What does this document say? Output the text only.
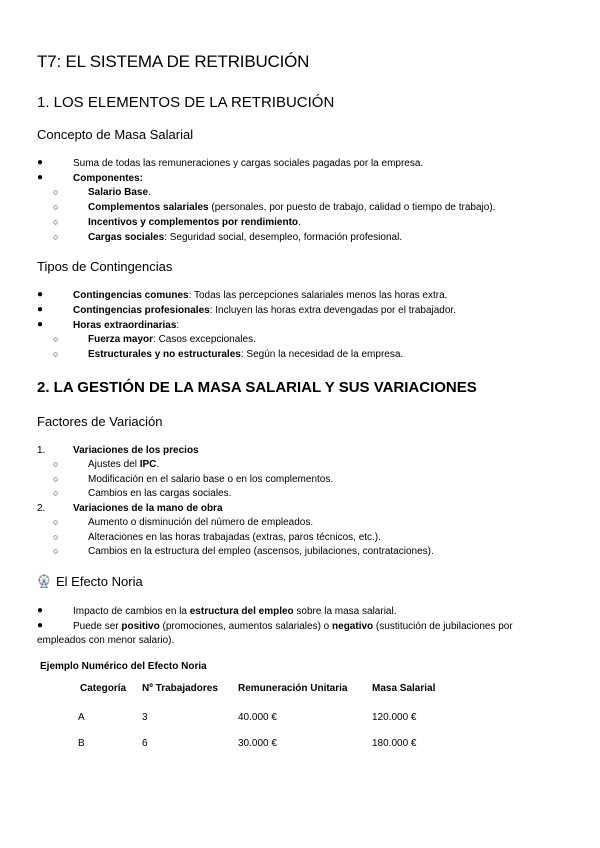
T7: EL SISTEMA DE RETRIBUCIÓN
1. LOS ELEMENTOS DE LA RETRIBUCIÓN
Concepto de Masa Salarial
●	Suma de todas las remuneraciones y cargas sociales pagadas por la empresa.
●	Componentes:
○	Salario Base.
○	Complementos salariales (personales, por puesto de trabajo, calidad o tiempo de trabajo).
○	Incentivos y complementos por rendimiento.
○	Cargas sociales: Seguridad social, desempleo, formación profesional.
Tipos de Contingencias
●	Contingencias comunes: Todas las percepciones salariales menos las horas extra.
●	Contingencias profesionales: Incluyen las horas extra devengadas por el trabajador.
●	Horas extraordinarias:
○	Fuerza mayor: Casos excepcionales.
○	Estructurales y no estructurales: Según la necesidad de la empresa.
2. LA GESTIÓN DE LA MASA SALARIAL Y SUS VARIACIONES
Factores de Variación
1.	Variaciones de los precios
○	Ajustes del IPC.
○	Modificación en el salario base o en los complementos.
○	Cambios en las cargas sociales.
2.	Variaciones de la mano de obra
○	Aumento o disminución del número de empleados.
○	Alteraciones en las horas trabajadas (extras, paros técnicos, etc.).
○	Cambios en la estructura del empleo (ascensos, jubilaciones, contrataciones).
El Efecto Noria
●	Impacto de cambios en la estructura del empleo sobre la masa salarial.
●	Puede ser positivo (promociones, aumentos salariales) o negativo (sustitución de jubilaciones por
empleados con menor salario).
Ejemplo Numérico del Efecto Noria
	Categoría	Nº Trabajadores	Remuneración Unitaria	Masa Salarial
A		3	40.000 €	120.000 €
B		6	30.000 €	180.000 €
